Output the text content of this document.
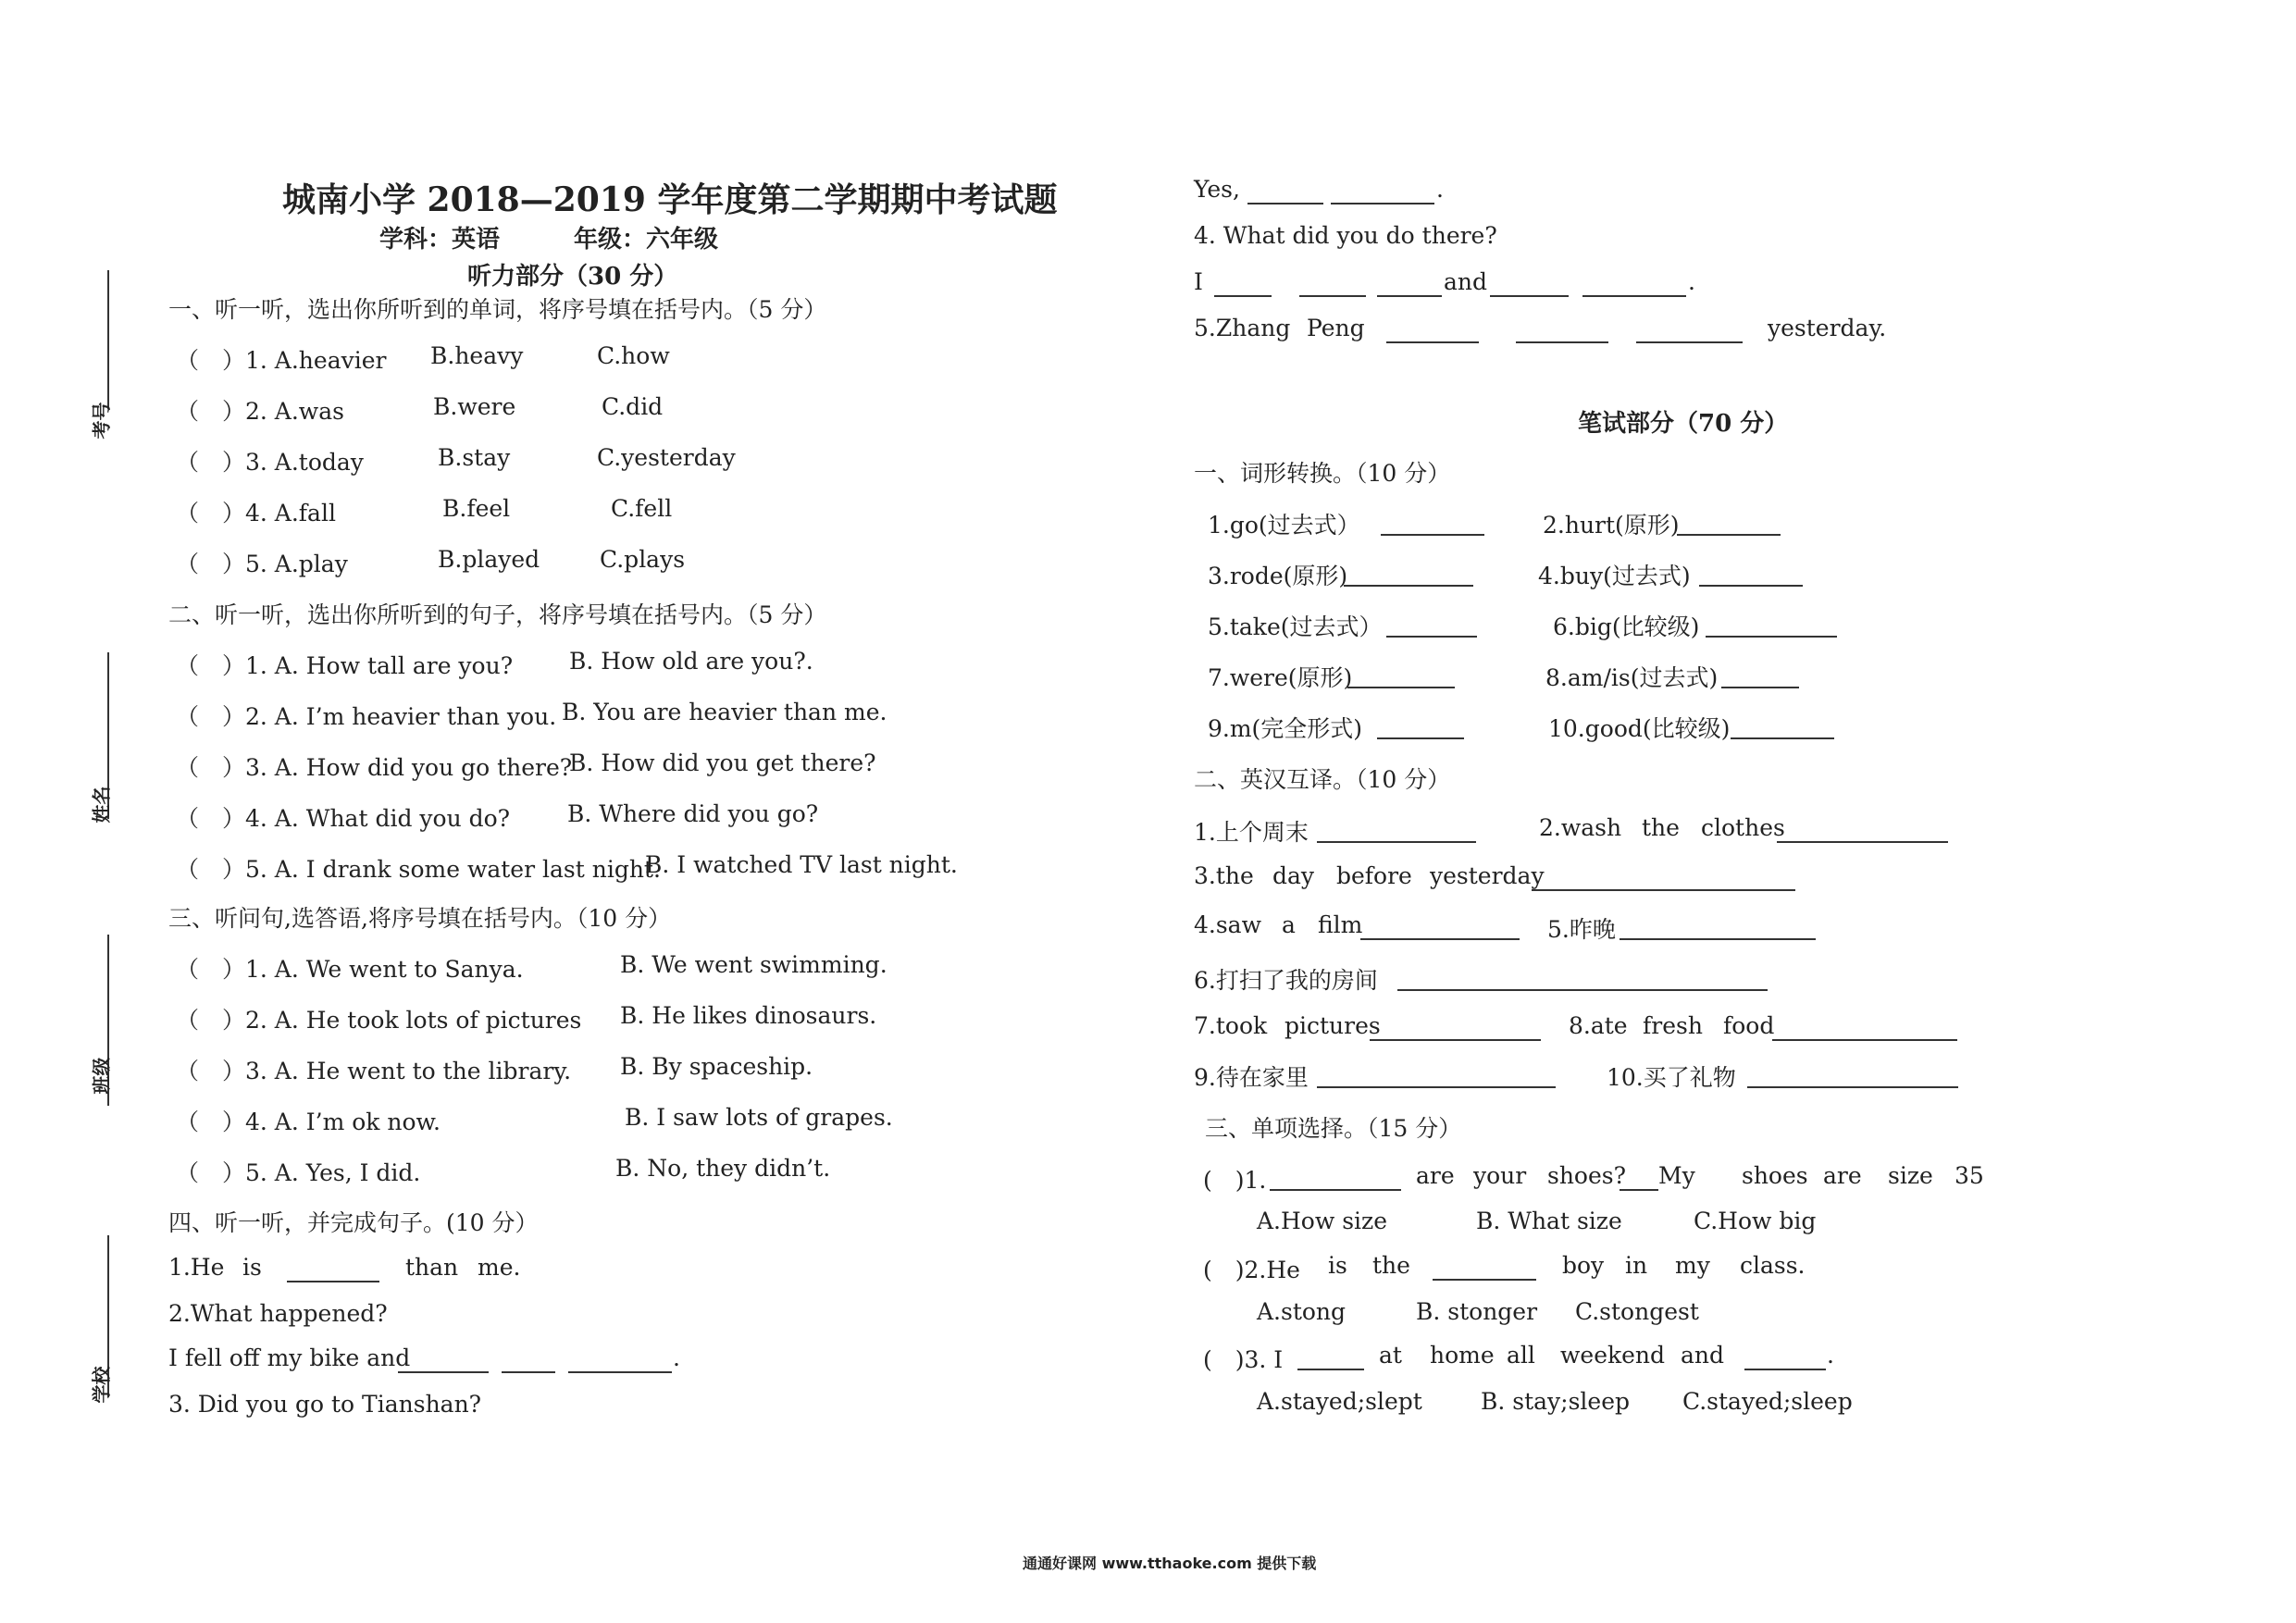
城南小学 2018—2019 学年度第二学期期中考试题
学科：英语	年级：六年级
听力部分（30 分）
考号
姓名
班级
学校
一、听一听，选出你所听到的单词，将序号填在括号内。（5 分）
（　）1. A.heavier B.heavy	C.how
（　）2. A.was	B.were	C.did
（　）3. A.today	B.stay	C.yesterday
（　）4. A.fall	B.feel	C.fell
（　）5. A.play	B.played	C.plays
二、听一听，选出你所听到的句子，将序号填在括号内。（5 分）
（　）1. A. How tall are you? B. How old are you?.
（　）2. A. I’m heavier than you. B. You are heavier than me.
（　）3. A. How did you go there?
B. How did you get there?
（　）4. A. What did you do? B. Where did you go?
（　）5. A. I drank some water last night.
B. I watched TV last night.
三、听问句,选答语,将序号填在括号内。（10 分）
（　）1. A. We went to Sanya.	B. We went swimming.
（　）2. A. He took lots of pictures B. He likes dinosaurs.
（　）3. A. He went to the library. B. By spaceship.
（　）4. A. I’m ok now.	B. I saw lots of grapes.
（　）5. A. Yes, I did.	B. No, they didn’t.
四、听一听，并完成句子。(10 分）
1.He is	than me.
2.What happened?
I fell off my bike and	.
3. Did you go to Tianshan?
Yes,	.
4. What did you do there?
I	and	.
5.Zhang Peng	yesterday.
笔试部分（70 分）
一、词形转换。（10 分）
1.go(过去式）	2.hurt(原形)
3.rode(原形)	4.buy(过去式)
5.take(过去式）	6.big(比较级)
7.were(原形)	8.am/is(过去式)
9.m(完全形式)	10.good(比较级)
二、英汉互译。（10 分）
1.上个周末	2.wash the clothes
3.the day before yesterday
4.saw a film	5.昨晚
6.打扫了我的房间
7.took pictures	8.ate fresh food
9.待在家里	10.买了礼物
三、单项选择。（15 分）
(　)1.	are your shoes? My shoes are size 35
A.How size	B. What size	C.How big
(　)2.He is the	boy in my class.
A.stong	B. stonger C.stongest
(　)3. I	at home all weekend and	.
A.stayed;slept	B. stay;sleep C.stayed;sleep
通通好课网 www.tthaoke.com 提供下载
